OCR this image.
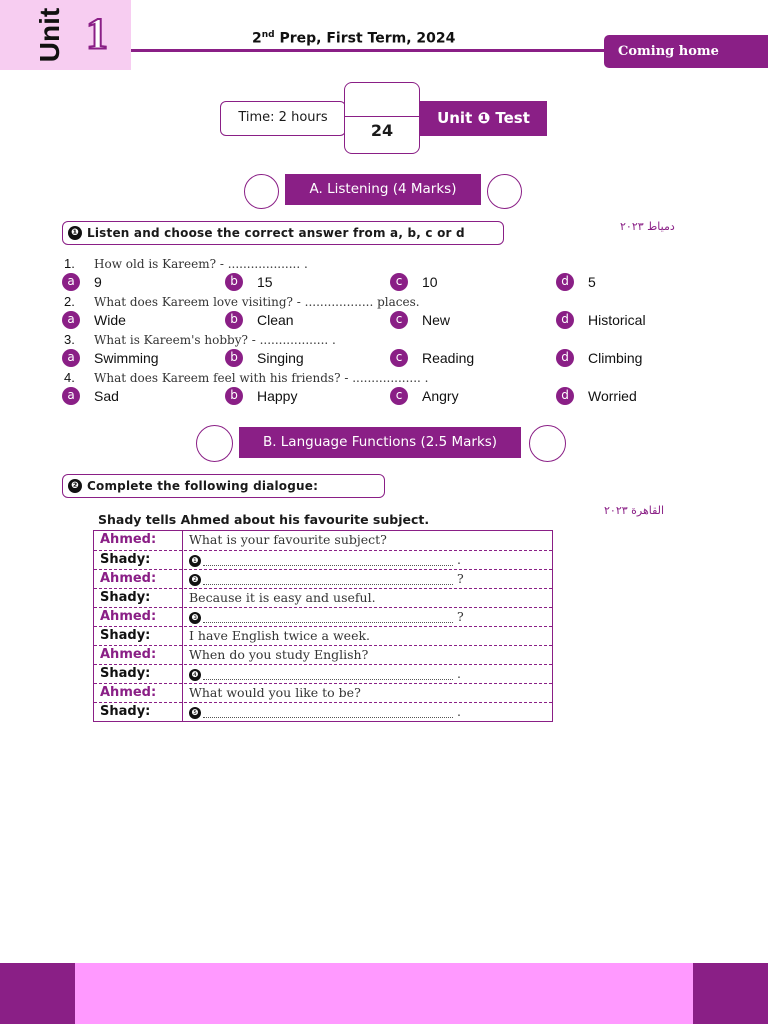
Unit 1	2nd Prep, First Term, 2024
Coming home
Time: 2 hours
24
Unit ❶ Test
A. Listening (4 Marks)
❶ Listen and choose the correct answer from a, b, c or d	دمياط ٢٠٢٣
1. How old is Kareem? - ................... .
a	9	b	15	c	10	d	5
2. What does Kareem love visiting? - .................. places.
a	Wide	b	Clean	c	New	d	Historical
3. What is Kareem's hobby? - .................. .
a	Swimming	b	Singing	c	Reading	d	Climbing
4. What does Kareem feel with his friends? - .................. .
a	Sad	b	Happy	c	Angry	d	Worried
B. Language Functions (2.5 Marks)
❷ Complete the following dialogue:
القاهرة ٢٠٢٣
Shady tells Ahmed about his favourite subject.
Ahmed:	What is your favourite subject?
Shady:	❶	.
Ahmed:	❷	?
Shady:	Because it is easy and useful.
Ahmed:	❸	?
Shady:	I have English twice a week.
Ahmed:	When do you study English?
Shady:	❹	.
Ahmed:	What would you like to be?
Shady:	❺	.
